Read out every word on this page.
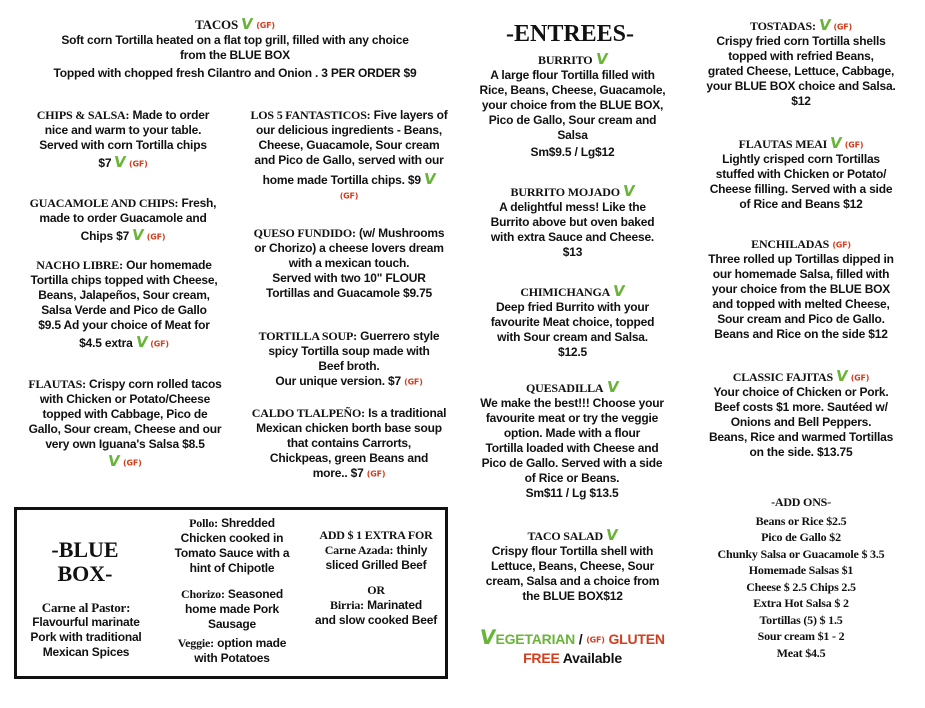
TACOS V (GF)
Soft corn Tortilla heated on a flat top grill, filled with any choice
from the BLUE BOX
Topped with chopped fresh Cilantro and Onion . 3 PER ORDER $9
CHIPS & SALSA: Made to order
nice and warm to your table.
Served with corn Tortilla chips
$7 V (GF)
GUACAMOLE AND CHIPS: Fresh,
made to order Guacamole and
Chips $7 V (GF)
NACHO LIBRE: Our homemade
Tortilla chips topped with Cheese,
Beans, Jalapeños, Sour cream,
Salsa Verde and Pico de Gallo
$9.5 Ad your choice of Meat for
$4.5 extra V (GF)
FLAUTAS: Crispy corn rolled tacos
with Chicken or Potato/Cheese
topped with Cabbage, Pico de
Gallo, Sour cream, Cheese and our
very own Iguana's Salsa $8.5
V (GF)
LOS 5 FANTASTICOS: Five layers of
our delicious ingredients - Beans,
Cheese, Guacamole, Sour cream
and Pico de Gallo, served with our
home made Tortilla chips. $9 V
(GF)
QUESO FUNDIDO: (w/ Mushrooms
or Chorizo) a cheese lovers dream
with a mexican touch.
Served with two 10" FLOUR
Tortillas and Guacamole $9.75
TORTILLA SOUP: Guerrero style
spicy Tortilla soup made with
Beef broth.
Our unique version. $7 (GF)
CALDO TLALPEÑO: Is a traditional
Mexican chicken borth base soup
that contains Carrorts,
Chickpeas, green Beans and
more.. $7 (GF)
-BLUE BOX-
Carne al Pastor:
Flavourful marinate
Pork with traditional
Mexican Spices
Pollo: Shredded
Chicken cooked in
Tomato Sauce with a
hint of Chipotle
Chorizo: Seasoned
home made Pork
Sausage
Veggie: option made
with Potatoes
ADD $ 1 EXTRA FOR
Carne Azada: thinly
sliced Grilled Beef
OR
Birria: Marinated
and slow cooked Beef
-ENTREES-
BURRITO V
A large flour Tortilla filled with
Rice, Beans, Cheese, Guacamole,
your choice from the BLUE BOX,
Pico de Gallo, Sour cream and
Salsa
Sm$9.5 / Lg$12
BURRITO MOJADO V
A delightful mess! Like the
Burrito above but oven baked
with extra Sauce and Cheese.
$13
CHIMICHANGA V
Deep fried Burrito with your
favourite Meat choice, topped
with Sour cream and Salsa.
$12.5
QUESADILLA V
We make the best!!! Choose your
favourite meat or try the veggie
option. Made with a flour
Tortilla loaded with Cheese and
Pico de Gallo. Served with a side
of Rice or Beans.
Sm$11 / Lg $13.5
TACO SALAD V
Crispy flour Tortilla shell with
Lettuce, Beans, Cheese, Sour
cream, Salsa and a choice from
the BLUE BOX$12
VEGETARIAN / (GF) GLUTEN
FREE Available
TOSTADAS: V (GF)
Crispy fried corn Tortilla shells
topped with refried Beans,
grated Cheese, Lettuce, Cabbage,
your BLUE BOX choice and Salsa.
$12
FLAUTAS MEAI V (GF)
Lightly crisped corn Tortillas
stuffed with Chicken or Potato/
Cheese filling. Served with a side
of Rice and Beans $12
ENCHILADAS (GF)
Three rolled up Tortillas dipped in
our homemade Salsa, filled with
your choice from the BLUE BOX
and topped with melted Cheese,
Sour cream and Pico de Gallo.
Beans and Rice on the side $12
CLASSIC FAJITAS V (GF)
Your choice of Chicken or Pork.
Beef costs $1 more. Sautéed w/
Onions and Bell Peppers.
Beans, Rice and warmed Tortillas
on the side. $13.75
-ADD ONS-
Beans or Rice $2.5
Pico de Gallo $2
Chunky Salsa or Guacamole $ 3.5
Homemade Salsas $1
Cheese $ 2.5 Chips 2.5
Extra Hot Salsa $ 2
Tortillas (5) $ 1.5
Sour cream $1 - 2
Meat $4.5
